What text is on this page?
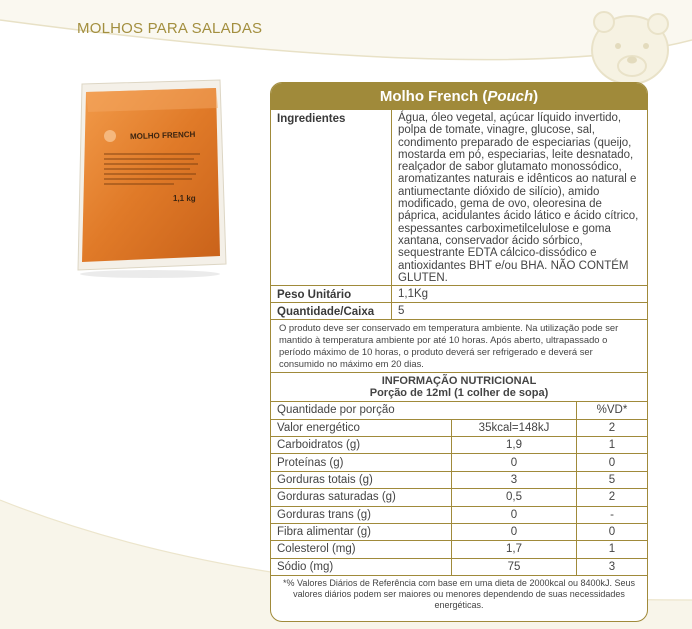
MOLHOS PARA SALADAS
MOLHO FRENCH
1,1 kg
Molho French (Pouch)
Ingredientes	Água, óleo vegetal, açúcar líquido invertido, polpa de tomate, vinagre, glucose, sal, condimento preparado de especiarias (queijo, mostarda em pó, especiarias, leite desnatado, realçador de sabor glutamato monossódico, aromatizantes naturais e idênticos ao natural e antiumectante dióxido de silício), amido modificado, gema de ovo, oleoresina de páprica, acidulantes ácido lático e ácido cítrico, espessantes carboximetilcelulose e goma xantana, conservador ácido sórbico, sequestrante EDTA cálcico-dissódico e antioxidantes BHT e/ou BHA. NÃO CONTÉM GLUTEN.
Peso Unitário	1,1Kg
Quantidade/Caixa	5
O produto deve ser conservado em temperatura ambiente. Na utilização pode ser mantido à temperatura ambiente por até 10 horas. Após aberto, ultrapassado o período máximo de 10 horas, o produto deverá ser refrigerado e deverá ser consumido no máximo em 20 dias.
INFORMAÇÃO NUTRICIONAL
Porção de 12ml (1 colher de sopa)
Quantidade por porção		%VD*
Valor energético	35kcal=148kJ	2
Carboidratos (g)	1,9	1
Proteínas (g)	0	0
Gorduras totais (g)	3	5
Gorduras saturadas (g)	0,5	2
Gorduras trans (g)	0	-
Fibra alimentar (g)	0	0
Colesterol (mg)	1,7	1
Sódio (mg)	75	3
*% Valores Diários de Referência com base em uma dieta de 2000kcal ou 8400kJ. Seus valores diários podem ser maiores ou menores dependendo de suas necessidades energéticas.
